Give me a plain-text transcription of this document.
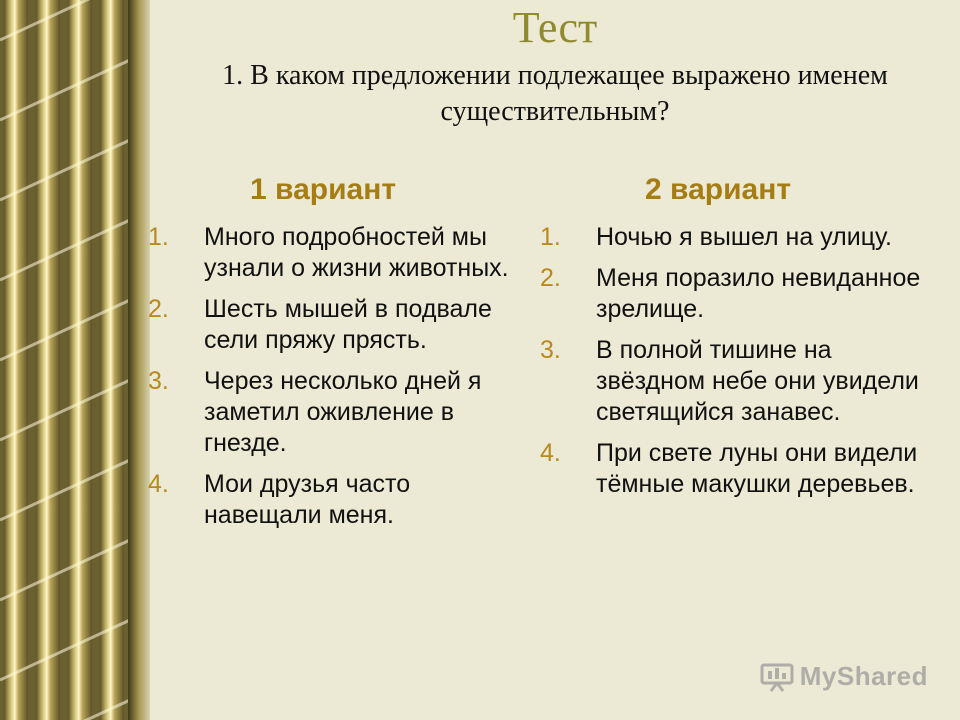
Тест
1. В каком предложении подлежащее выражено именем существительным?
1 вариант	2 вариант
1.	Много подробностей мы узнали о жизни животных.
2.	Шесть мышей в подвале сели пряжу прясть.
3.	Через несколько дней я заметил оживление в гнезде.
4.	Мои друзья часто навещали меня.
1.	Ночью я вышел на улицу.
2.	Меня поразило невиданное зрелище.
3.	В полной тишине на звёздном небе они увидели светящийся занавес.
4.	При свете луны они видели тёмные макушки деревьев.
MyShared
